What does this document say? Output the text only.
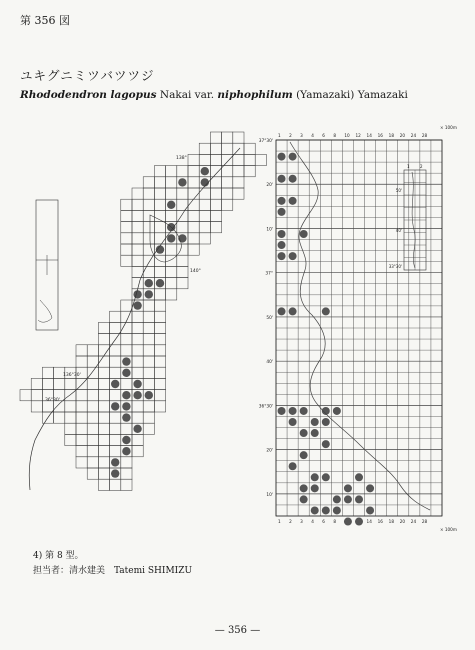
第 356 図
ユキグニミツバツツジ
Rhododendron lagopus Nakai var. niphophilum (Yamazaki) Yamazaki
138°
140°
136°30'
36°30'
1 2 3 4 6 8 10 12 14 16 18 20 24 28
× 100m
1 2 3 4 6 8	14 16 18 20 24 28
× 100m
37°30'
20'
10'
37°
50'
40'
36°30'
20'
10'
50'
40'
33°30'
1	2
4) 第 8 型。
担当者：清水建美　Tatemi SHIMIZU
— 356 —
